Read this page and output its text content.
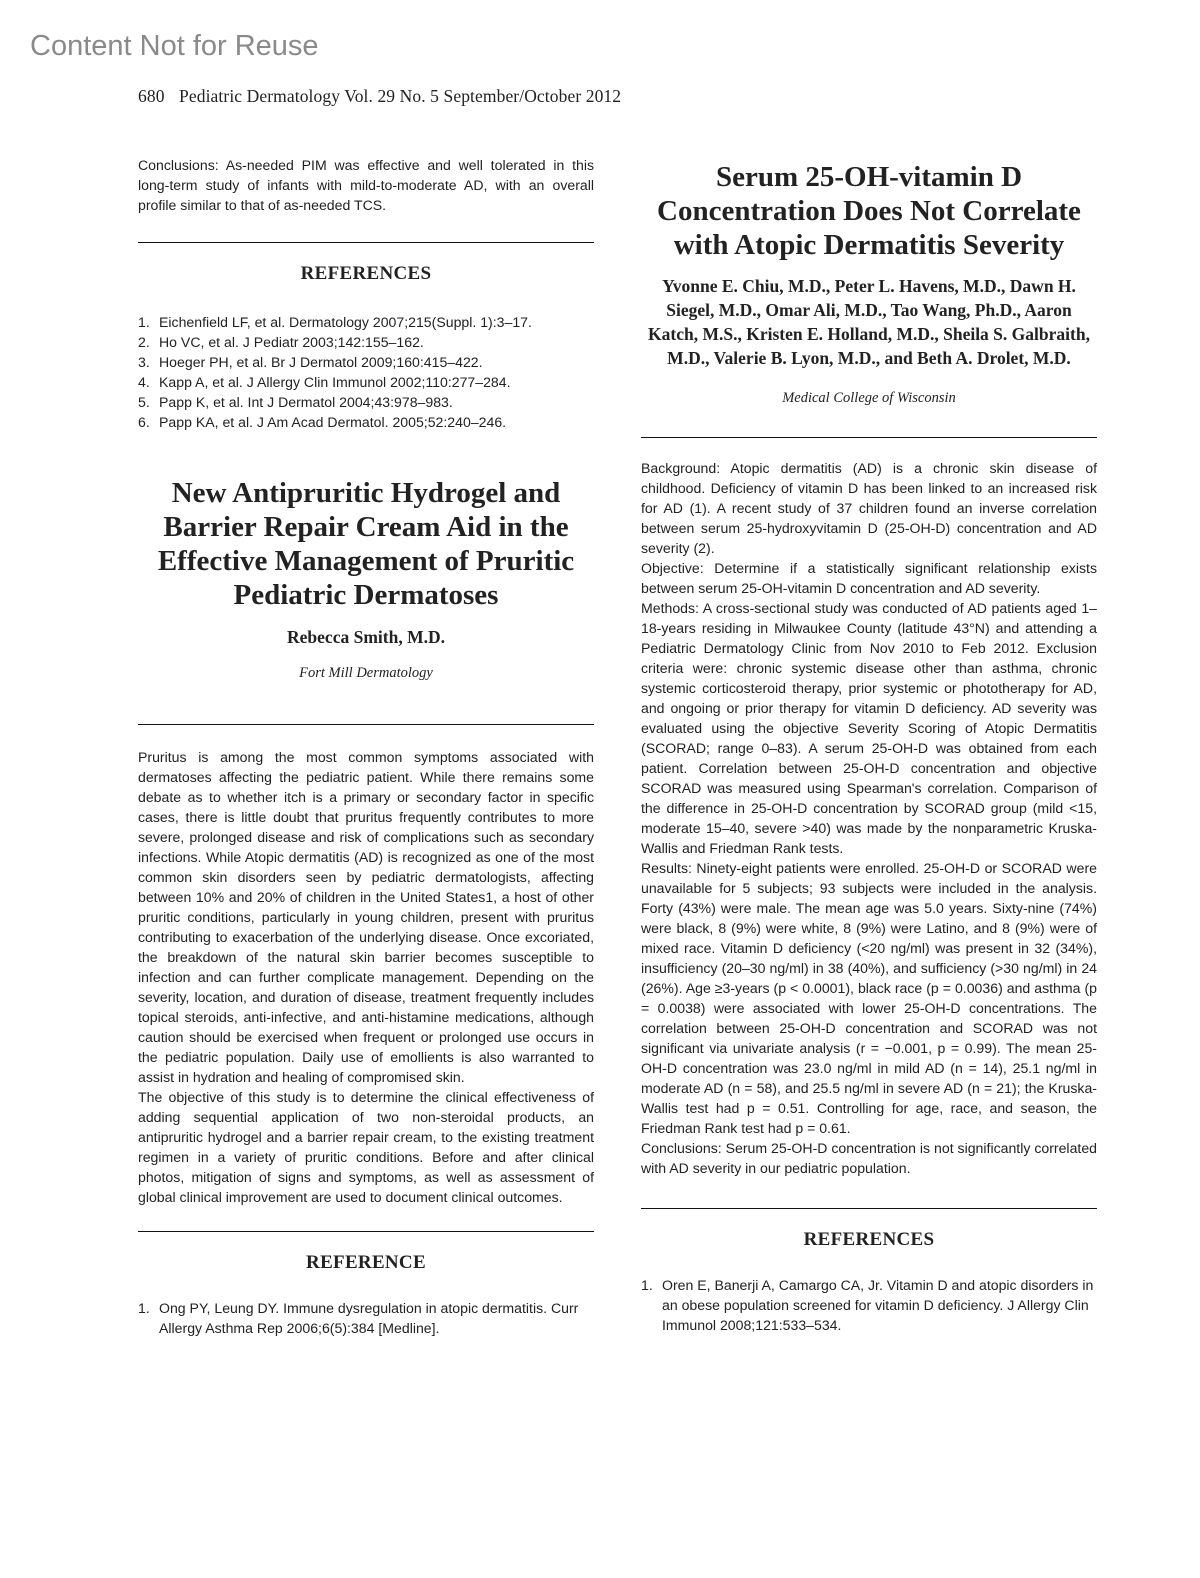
Content Not for Reuse
680 Pediatric Dermatology Vol. 29 No. 5 September/October 2012

Conclusions: As-needed PIM was effective and well tolerated in this long-term study of infants with mild-to-moderate AD, with an overall profile similar to that of as-needed TCS.

REFERENCES
1. Eichenfield LF, et al. Dermatology 2007;215(Suppl. 1):3–17.
2. Ho VC, et al. J Pediatr 2003;142:155–162.
3. Hoeger PH, et al. Br J Dermatol 2009;160:415–422.
4. Kapp A, et al. J Allergy Clin Immunol 2002;110:277–284.
5. Papp K, et al. Int J Dermatol 2004;43:978–983.
6. Papp KA, et al. J Am Acad Dermatol. 2005;52:240–246.
New Antipruritic Hydrogel and Barrier Repair Cream Aid in the Effective Management of Pruritic Pediatric Dermatoses

Rebecca Smith, M.D.

Fort Mill Dermatology

Pruritus is among the most common symptoms associated with dermatoses affecting the pediatric patient. While there remains some debate as to whether itch is a primary or secondary factor in specific cases, there is little doubt that pruritus frequently contributes to more severe, prolonged disease and risk of complications such as secondary infections. While Atopic dermatitis (AD) is recognized as one of the most common skin disorders seen by pediatric dermatologists, affecting between 10% and 20% of children in the United States1, a host of other pruritic conditions, particularly in young children, present with pruritus contributing to exacerbation of the underlying disease. Once excoriated, the breakdown of the natural skin barrier becomes susceptible to infection and can further complicate management. Depending on the severity, location, and duration of disease, treatment frequently includes topical steroids, anti-infective, and anti-histamine medications, although caution should be exercised when frequent or prolonged use occurs in the pediatric population. Daily use of emollients is also warranted to assist in hydration and healing of compromised skin.

The objective of this study is to determine the clinical effectiveness of adding sequential application of two non-steroidal products, an antipruritic hydrogel and a barrier repair cream, to the existing treatment regimen in a variety of pruritic conditions. Before and after clinical photos, mitigation of signs and symptoms, as well as assessment of global clinical improvement are used to document clinical outcomes.

REFERENCE
1. Ong PY, Leung DY. Immune dysregulation in atopic dermatitis. Curr Allergy Asthma Rep 2006;6(5):384 [Medline].
Serum 25-OH-vitamin D Concentration Does Not Correlate with Atopic Dermatitis Severity

Yvonne E. Chiu, M.D., Peter L. Havens, M.D., Dawn H. Siegel, M.D., Omar Ali, M.D., Tao Wang, Ph.D., Aaron Katch, M.S., Kristen E. Holland, M.D., Sheila S. Galbraith, M.D., Valerie B. Lyon, M.D., and Beth A. Drolet, M.D.

Medical College of Wisconsin

Background: Atopic dermatitis (AD) is a chronic skin disease of childhood. Deficiency of vitamin D has been linked to an increased risk for AD (1). A recent study of 37 children found an inverse correlation between serum 25-hydroxyvitamin D (25-OH-D) concentration and AD severity (2).

Objective: Determine if a statistically significant relationship exists between serum 25-OH-vitamin D concentration and AD severity.

Methods: A cross-sectional study was conducted of AD patients aged 1–18-years residing in Milwaukee County (latitude 43°N) and attending a Pediatric Dermatology Clinic from Nov 2010 to Feb 2012. Exclusion criteria were: chronic systemic disease other than asthma, chronic systemic corticosteroid therapy, prior systemic or phototherapy for AD, and ongoing or prior therapy for vitamin D deficiency. AD severity was evaluated using the objective Severity Scoring of Atopic Dermatitis (SCORAD; range 0–83). A serum 25-OH-D was obtained from each patient. Correlation between 25-OH-D concentration and objective SCORAD was measured using Spearman's correlation. Comparison of the difference in 25-OH-D concentration by SCORAD group (mild <15, moderate 15–40, severe >40) was made by the nonparametric Kruska-Wallis and Friedman Rank tests.

Results: Ninety-eight patients were enrolled. 25-OH-D or SCORAD were unavailable for 5 subjects; 93 subjects were included in the analysis. Forty (43%) were male. The mean age was 5.0 years. Sixty-nine (74%) were black, 8 (9%) were white, 8 (9%) were Latino, and 8 (9%) were of mixed race. Vitamin D deficiency (<20 ng/ml) was present in 32 (34%), insufficiency (20–30 ng/ml) in 38 (40%), and sufficiency (>30 ng/ml) in 24 (26%). Age ≥3-years (p < 0.0001), black race (p = 0.0036) and asthma (p = 0.0038) were associated with lower 25-OH-D concentrations. The correlation between 25-OH-D concentration and SCORAD was not significant via univariate analysis (r = −0.001, p = 0.99). The mean 25-OH-D concentration was 23.0 ng/ml in mild AD (n = 14), 25.1 ng/ml in moderate AD (n = 58), and 25.5 ng/ml in severe AD (n = 21); the Kruska-Wallis test had p = 0.51. Controlling for age, race, and season, the Friedman Rank test had p = 0.61.

Conclusions: Serum 25-OH-D concentration is not significantly correlated with AD severity in our pediatric population.

REFERENCES
1. Oren E, Banerji A, Camargo CA, Jr. Vitamin D and atopic disorders in an obese population screened for vitamin D deficiency. J Allergy Clin Immunol 2008;121:533–534.
